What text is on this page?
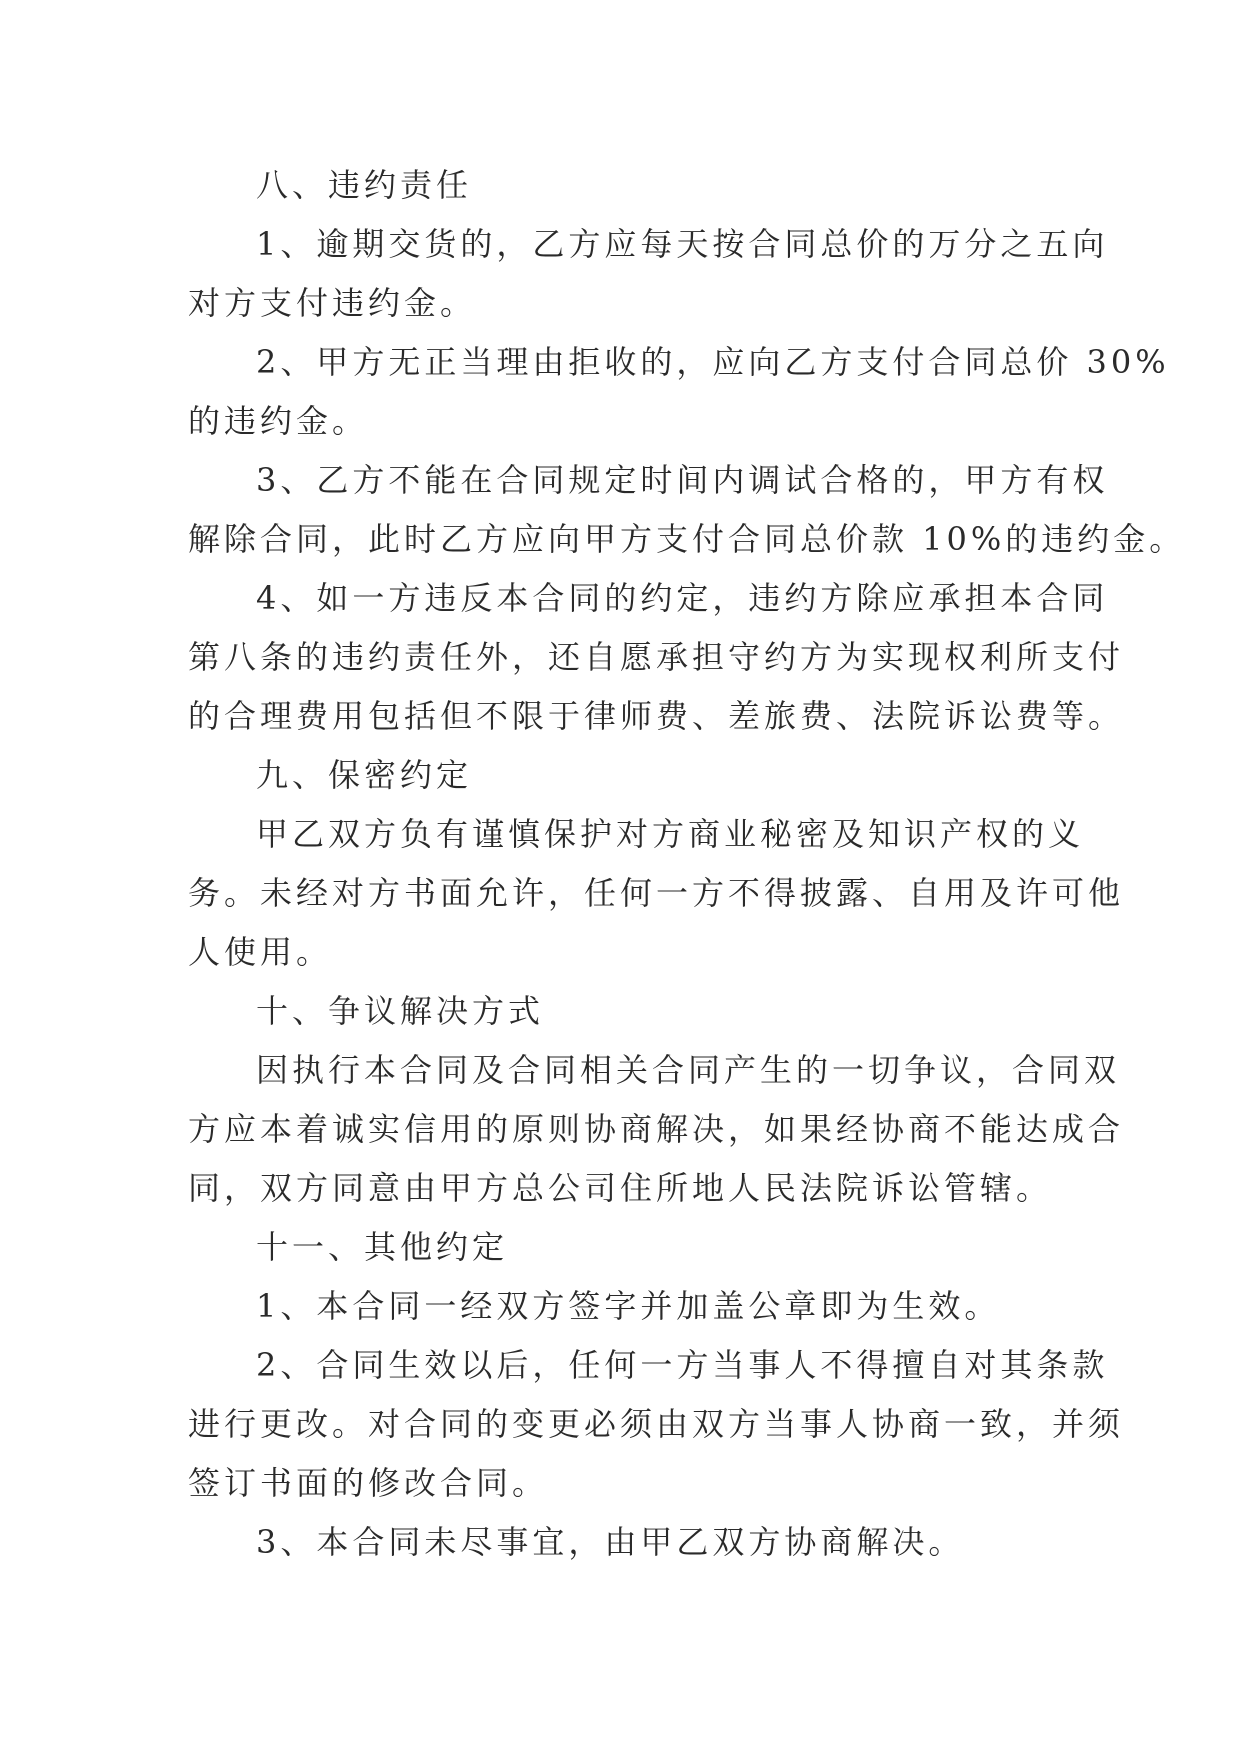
八、违约责任
1、逾期交货的，乙方应每天按合同总价的万分之五向
对方支付违约金。
2、甲方无正当理由拒收的，应向乙方支付合同总价 30%
的违约金。
3、乙方不能在合同规定时间内调试合格的，甲方有权
解除合同，此时乙方应向甲方支付合同总价款 10%的违约金。
4、如一方违反本合同的约定，违约方除应承担本合同
第八条的违约责任外，还自愿承担守约方为实现权利所支付
的合理费用包括但不限于律师费、差旅费、法院诉讼费等。
九、保密约定
甲乙双方负有谨慎保护对方商业秘密及知识产权的义
务。未经对方书面允许，任何一方不得披露、自用及许可他
人使用。
十、争议解决方式
因执行本合同及合同相关合同产生的一切争议，合同双
方应本着诚实信用的原则协商解决，如果经协商不能达成合
同，双方同意由甲方总公司住所地人民法院诉讼管辖。
十一、其他约定
1、本合同一经双方签字并加盖公章即为生效。
2、合同生效以后，任何一方当事人不得擅自对其条款
进行更改。对合同的变更必须由双方当事人协商一致，并须
签订书面的修改合同。
3、本合同未尽事宜，由甲乙双方协商解决。
